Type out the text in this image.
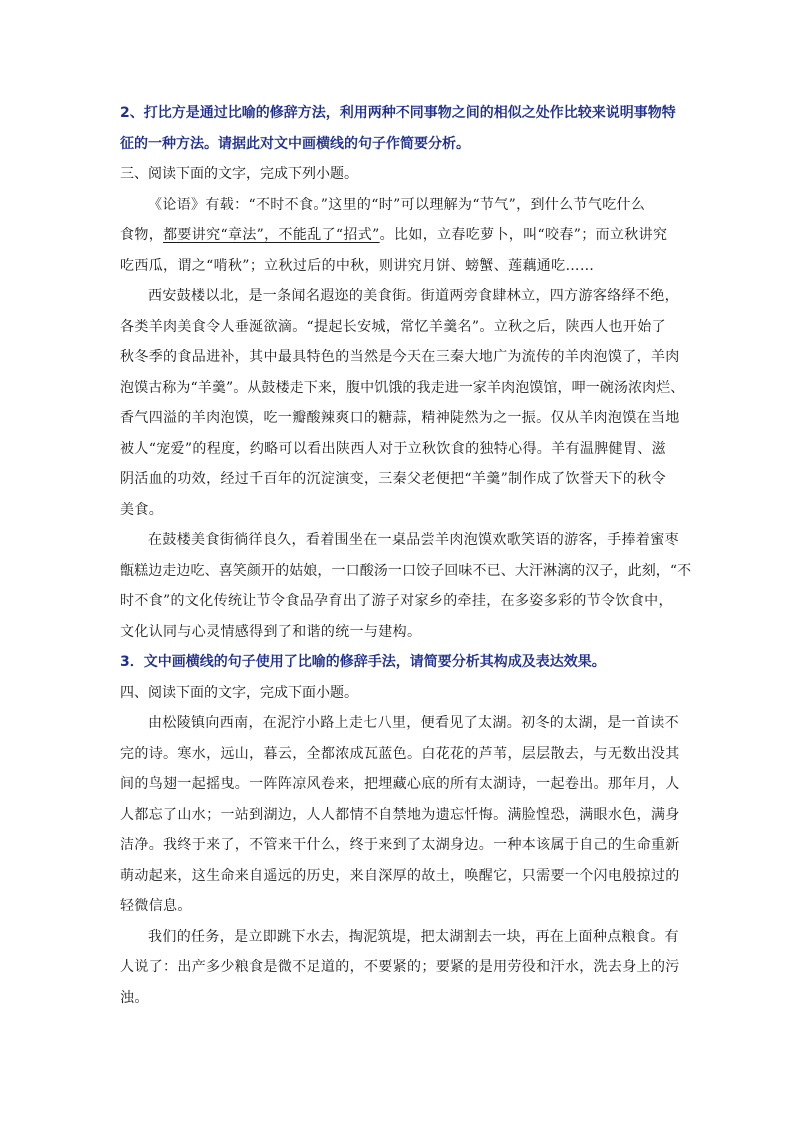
2、打比方是通过比喻的修辞方法，利用两种不同事物之间的相似之处作比较来说明事物特
征的一种方法。请据此对文中画横线的句子作简要分析。
三、阅读下面的文字，完成下列小题。
《论语》有载：“不时不食。”这里的“时”可以理解为“节气”，到什么节气吃什么
食物，都要讲究“章法”，不能乱了“招式”。比如，立春吃萝卜，叫“咬春”；而立秋讲究
吃西瓜，谓之“啃秋”；立秋过后的中秋，则讲究月饼、螃蟹、莲藕通吃……
西安鼓楼以北，是一条闻名遐迩的美食街。街道两旁食肆林立，四方游客络绎不绝，
各类羊肉美食令人垂涎欲滴。“提起长安城，常忆羊羹名”。立秋之后，陕西人也开始了
秋冬季的食品进补，其中最具特色的当然是今天在三秦大地广为流传的羊肉泡馍了，羊肉
泡馍古称为“羊羹”。从鼓楼走下来，腹中饥饿的我走进一家羊肉泡馍馆，呷一碗汤浓肉烂、
香气四溢的羊肉泡馍，吃一瓣酸辣爽口的糖蒜，精神陡然为之一振。仅从羊肉泡馍在当地
被人“宠爱”的程度，约略可以看出陕西人对于立秋饮食的独特心得。羊有温脾健胃、滋
阴活血的功效，经过千百年的沉淀演变，三秦父老便把“羊羹”制作成了饮誉天下的秋令
美食。
在鼓楼美食街徜徉良久，看着围坐在一桌品尝羊肉泡馍欢歌笑语的游客，手捧着蜜枣
甑糕边走边吃、喜笑颜开的姑娘，一口酸汤一口饺子回味不已、大汗淋漓的汉子，此刻，“不
时不食”的文化传统让节令食品孕育出了游子对家乡的牵挂，在多姿多彩的节令饮食中，
文化认同与心灵情感得到了和谐的统一与建构。
3．文中画横线的句子使用了比喻的修辞手法，请简要分析其构成及表达效果。
四、阅读下面的文字，完成下面小题。
由松陵镇向西南，在泥泞小路上走七八里，便看见了太湖。初冬的太湖，是一首读不
完的诗。寒水，远山，暮云，全都浓成瓦蓝色。白花花的芦苇，层层散去，与无数出没其
间的鸟翅一起摇曳。一阵阵凉风卷来，把埋藏心底的所有太湖诗，一起卷出。那年月，人
人都忘了山水；一站到湖边，人人都情不自禁地为遗忘忏悔。满脸惶恐，满眼水色，满身
洁净。我终于来了，不管来干什么，终于来到了太湖身边。一种本该属于自己的生命重新
萌动起来，这生命来自遥远的历史，来自深厚的故土，唤醒它，只需要一个闪电般掠过的
轻微信息。
我们的任务，是立即跳下水去，掏泥筑堤，把太湖割去一块，再在上面种点粮食。有
人说了：出产多少粮食是微不足道的，不要紧的；要紧的是用劳役和汗水，洗去身上的污
浊。
